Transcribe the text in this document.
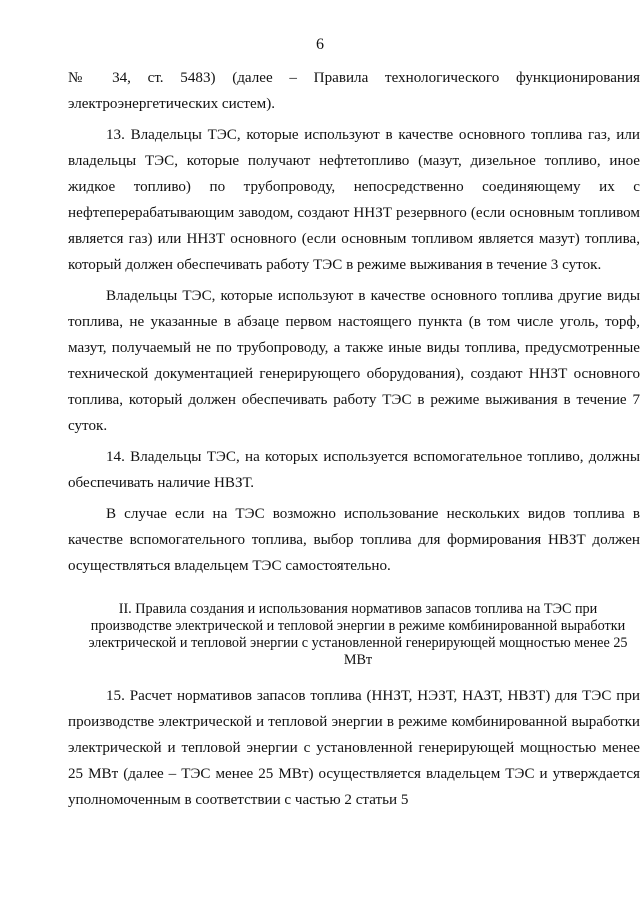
6

№ 34, ст. 5483) (далее – Правила технологического функционирования электроэнергетических систем).

13. Владельцы ТЭС, которые используют в качестве основного топлива газ, или владельцы ТЭС, которые получают нефтетопливо (мазут, дизельное топливо, иное жидкое топливо) по трубопроводу, непосредственно соединяющему их с нефтеперерабатывающим заводом, создают ННЗТ резервного (если основным топливом является газ) или ННЗТ основного (если основным топливом является мазут) топлива, который должен обеспечивать работу ТЭС в режиме выживания в течение 3 суток.

Владельцы ТЭС, которые используют в качестве основного топлива другие виды топлива, не указанные в абзаце первом настоящего пункта (в том числе уголь, торф, мазут, получаемый не по трубопроводу, а также иные виды топлива, предусмотренные технической документацией генерирующего оборудования), создают ННЗТ основного топлива, который должен обеспечивать работу ТЭС в режиме выживания в течение 7 суток.

14. Владельцы ТЭС, на которых используется вспомогательное топливо, должны обеспечивать наличие НВЗТ.

В случае если на ТЭС возможно использование нескольких видов топлива в качестве вспомогательного топлива, выбор топлива для формирования НВЗТ должен осуществляться владельцем ТЭС самостоятельно.

II. Правила создания и использования нормативов запасов топлива на ТЭС при производстве электрической и тепловой энергии в режиме комбинированной выработки электрической и тепловой энергии с установленной генерирующей мощностью менее 25 МВт

15. Расчет нормативов запасов топлива (ННЗТ, НЭЗТ, НАЗТ, НВЗТ) для ТЭС при производстве электрической и тепловой энергии в режиме комбинированной выработки электрической и тепловой энергии с установленной генерирующей мощностью менее 25 МВт (далее – ТЭС менее 25 МВт) осуществляется владельцем ТЭС и утверждается уполномоченным в соответствии с частью 2 статьи 5
